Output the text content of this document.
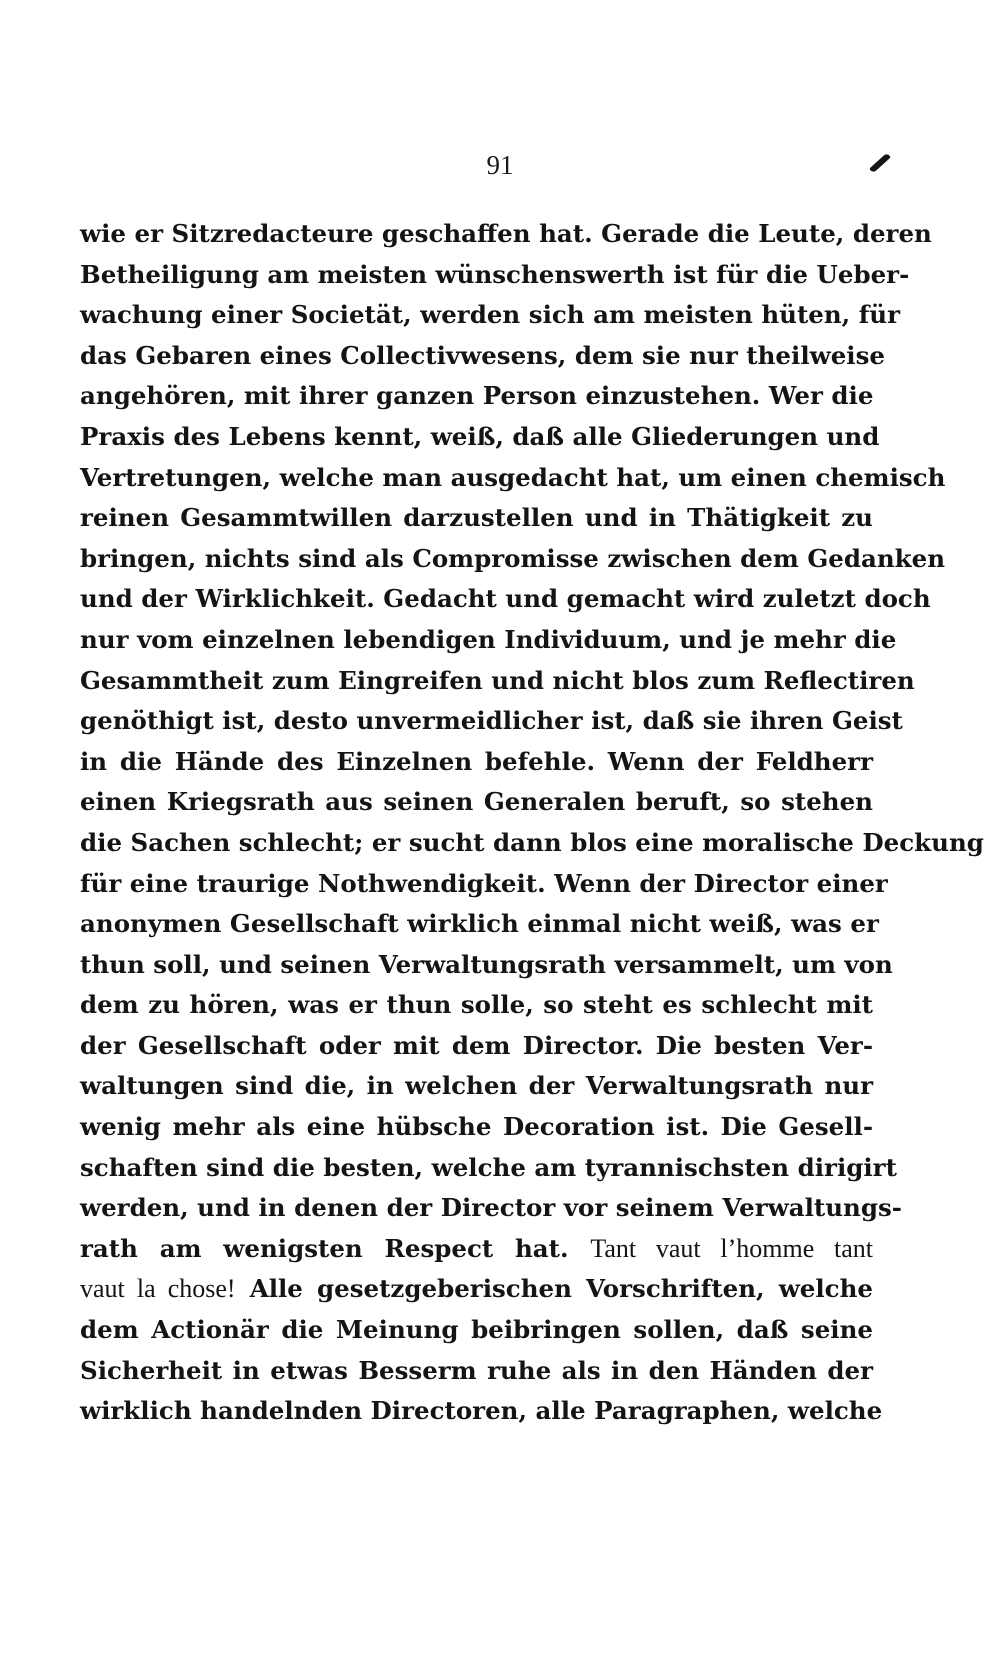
91
wie er Sitzredacteure geschaffen hat. Gerade die Leute, deren
Betheiligung am meisten wünschenswerth ist für die Ueber-
wachung einer Societät, werden sich am meisten hüten, für
das Gebaren eines Collectivwesens, dem sie nur theilweise
angehören, mit ihrer ganzen Person einzustehen. Wer die
Praxis des Lebens kennt, weiß, daß alle Gliederungen und
Vertretungen, welche man ausgedacht hat, um einen chemisch
reinen Gesammtwillen darzustellen und in Thätigkeit zu
bringen, nichts sind als Compromisse zwischen dem Gedanken
und der Wirklichkeit. Gedacht und gemacht wird zuletzt doch
nur vom einzelnen lebendigen Individuum, und je mehr die
Gesammtheit zum Eingreifen und nicht blos zum Reflectiren
genöthigt ist, desto unvermeidlicher ist, daß sie ihren Geist
in die Hände des Einzelnen befehle. Wenn der Feldherr
einen Kriegsrath aus seinen Generalen beruft, so stehen
die Sachen schlecht; er sucht dann blos eine moralische Deckung
für eine traurige Nothwendigkeit. Wenn der Director einer
anonymen Gesellschaft wirklich einmal nicht weiß, was er
thun soll, und seinen Verwaltungsrath versammelt, um von
dem zu hören, was er thun solle, so steht es schlecht mit
der Gesellschaft oder mit dem Director. Die besten Ver-
waltungen sind die, in welchen der Verwaltungsrath nur
wenig mehr als eine hübsche Decoration ist. Die Gesell-
schaften sind die besten, welche am tyrannischsten dirigirt
werden, und in denen der Director vor seinem Verwaltungs-
rath am wenigsten Respect hat. Tant vaut l’homme tant
vaut la chose! Alle gesetzgeberischen Vorschriften, welche
dem Actionär die Meinung beibringen sollen, daß seine
Sicherheit in etwas Besserm ruhe als in den Händen der
wirklich handelnden Directoren, alle Paragraphen, welche
